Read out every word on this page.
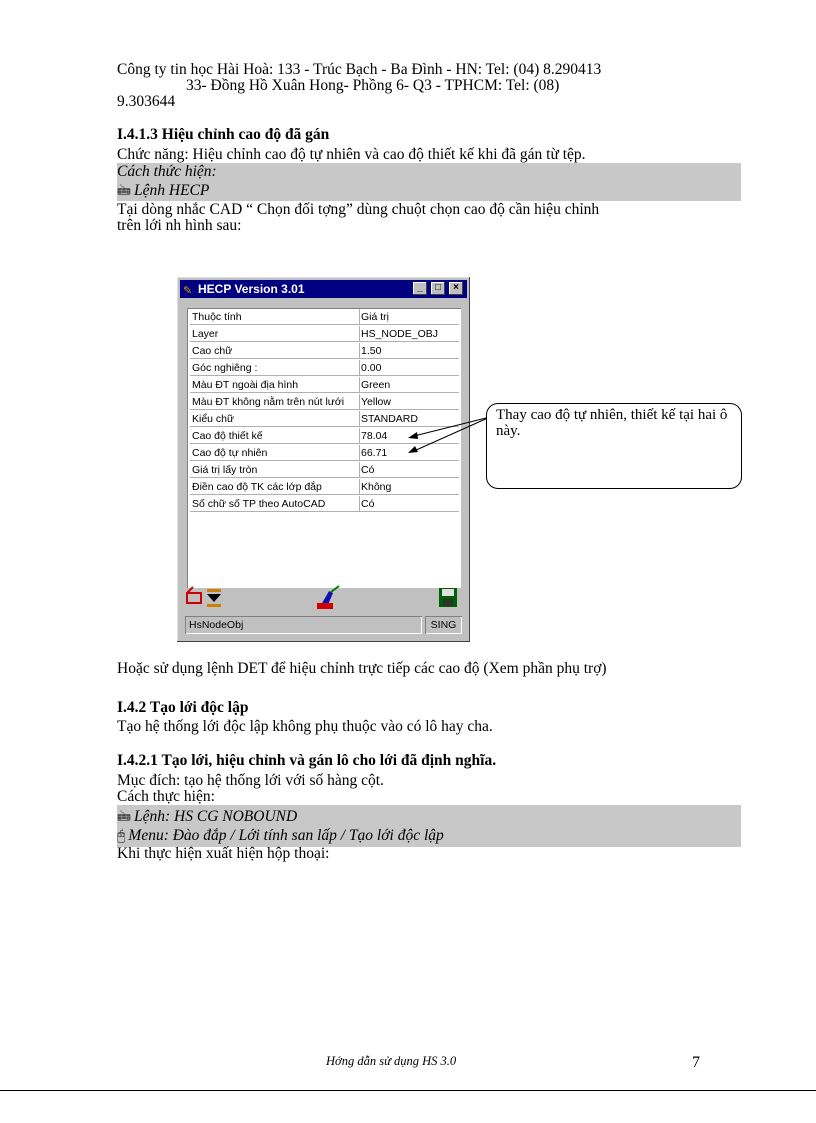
Công ty tin học Hài Hoà: 133 - Trúc Bạch - Ba Đình - HN: Tel: (04) 8.290413
33- Đồng Hồ Xuân Hong- Phồng 6- Q3 - TPHCM: Tel: (08)
9.303644
I.4.1.3 Hiệu chỉnh cao độ đã gán
Chức năng: Hiệu chỉnh cao độ tự nhiên và cao độ thiết kế khi đã gán từ tệp.
Cách thức hiện:
🖮 Lệnh HECP
Tại dòng nhắc CAD “ Chọn đối tợng” dùng chuột chọn cao độ cần hiệu chỉnh
trên lới nh hình sau:
✎ HECP Version 3.01	_	□	×
Thuộc tính	Giá trị
Layer	HS_NODE_OBJ
Cao chữ	1.50
Góc nghiêng :	0.00
Màu ĐT ngoài địa hình	Green
Màu ĐT không nằm trên nút lưới	Yellow
Kiểu chữ	STANDARD
Cao độ thiết kế	78.04
Cao độ tự nhiên	66.71
Giá trị lấy tròn	Có
Điền cao độ TK các lớp đắp	Không
Số chữ số TP theo AutoCAD	Có
HsNodeObj	SING
Thay cao độ tự nhiên, thiết kế tại hai ô này.
Hoặc sử dụng lệnh DET để hiệu chỉnh trực tiếp các cao độ (Xem phần phụ trợ)
I.4.2 Tạo lới độc lập
Tạo hệ thống lới độc lập không phụ thuộc vào có lô hay cha.
I.4.2.1 Tạo lới, hiệu chỉnh và gán lô cho lới đã định nghĩa.
Mục đích: tạo hệ thống lới với số hàng cột.
Cách thực hiện:
🖮 Lệnh: HS CG NOBOUND
🖰 Menu: Đào đắp / Lới tính san lấp / Tạo lới độc lập
Khi thực hiện xuất hiện hộp thoại:
Hớng dẫn sử dụng HS 3.0	7
